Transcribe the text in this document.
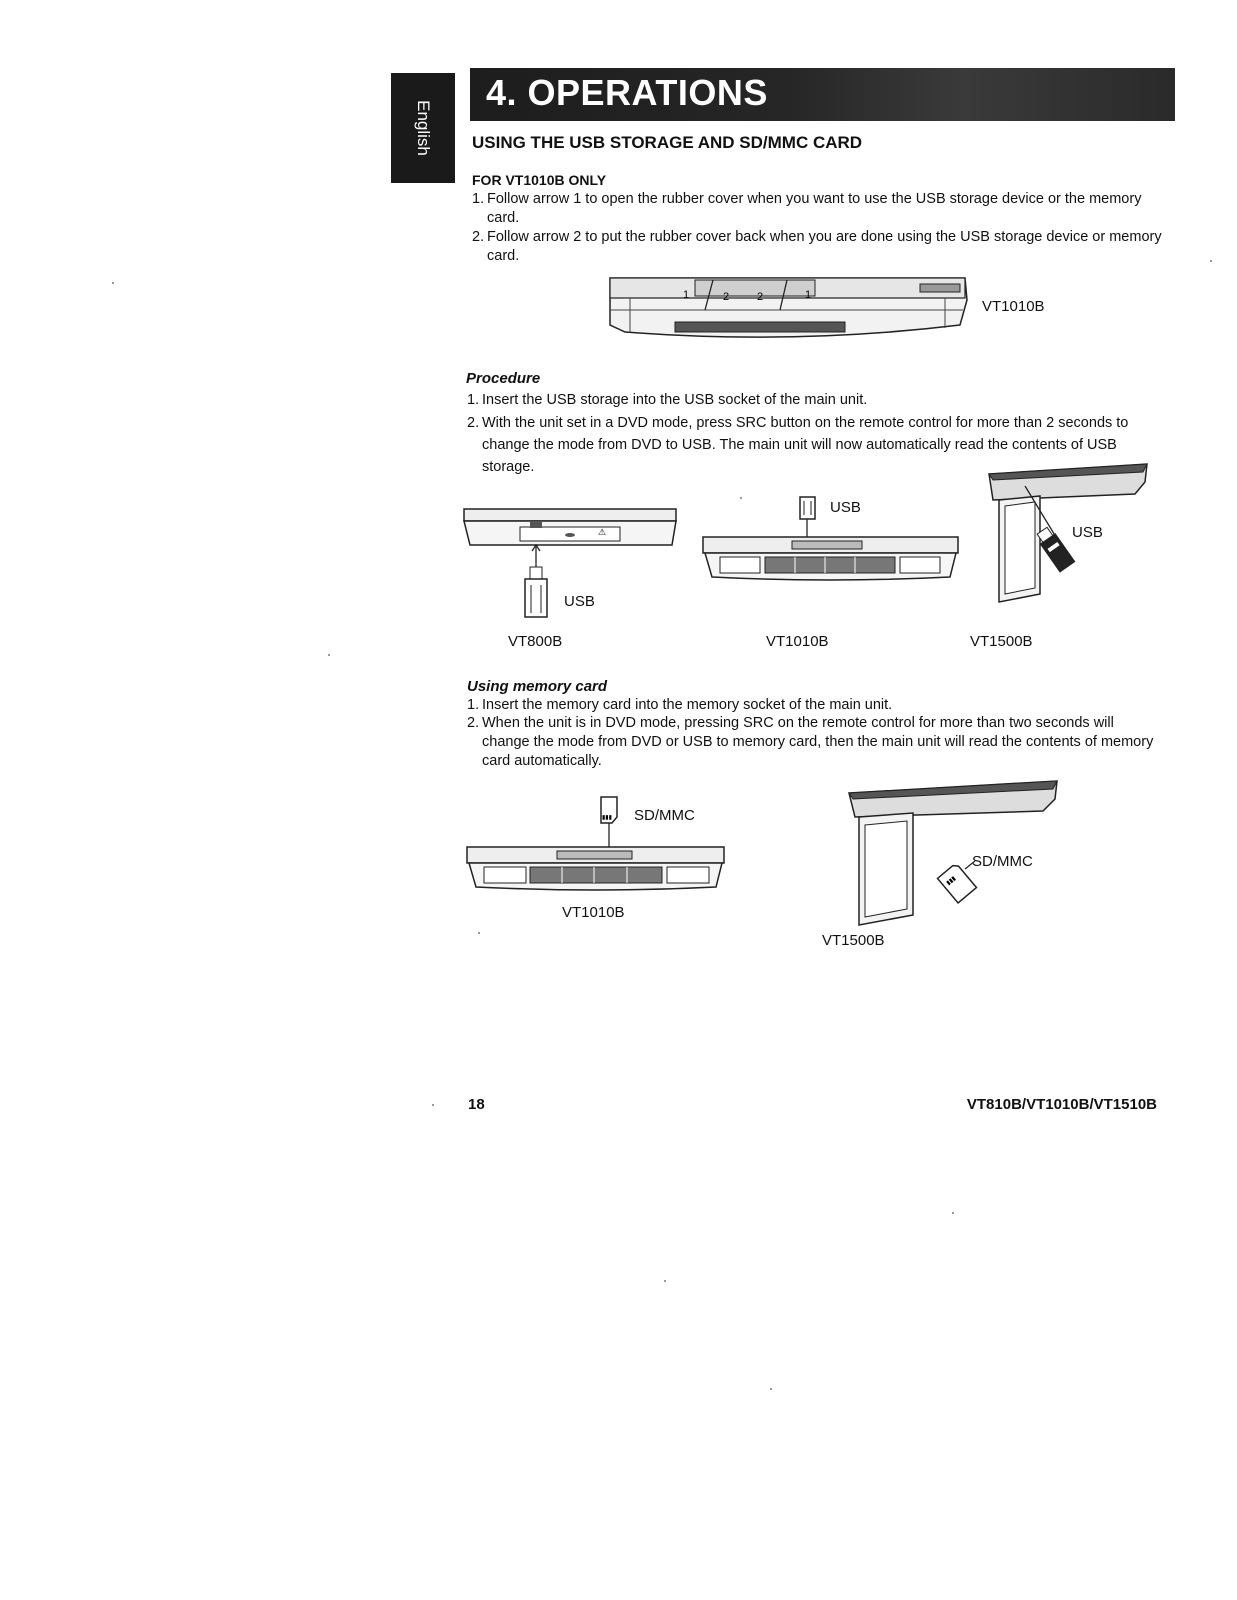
English
4. OPERATIONS
USING THE USB STORAGE AND SD/MMC CARD
FOR VT1010B ONLY
1. Follow arrow 1 to open the rubber cover when you want to use the USB storage device or the memory card.
2. Follow arrow 2 to put the rubber cover back when you are done using the USB storage device or memory card.
1	2	2	1
VT1010B
Procedure
1. Insert the USB storage into the USB socket of the main unit.
2. With the unit set in a DVD mode, press SRC button on the remote control for more than 2 seconds to change the mode from DVD to USB. The main unit will now automatically read the contents of USB storage.
⚠
USB
VT800B
USB
VT1010B
USB
VT1500B
Using memory card
1. Insert the memory card into the memory socket of the main unit.
2. When the unit is in DVD mode, pressing SRC on the remote control for more than two seconds will change the mode from DVD or USB to memory card, then the main unit will read the contents of memory card automatically.
▮▮▮ SD/MMC
VT1010B
▮▮▮
SD/MMC
VT1500B
18	VT810B/VT1010B/VT1510B
